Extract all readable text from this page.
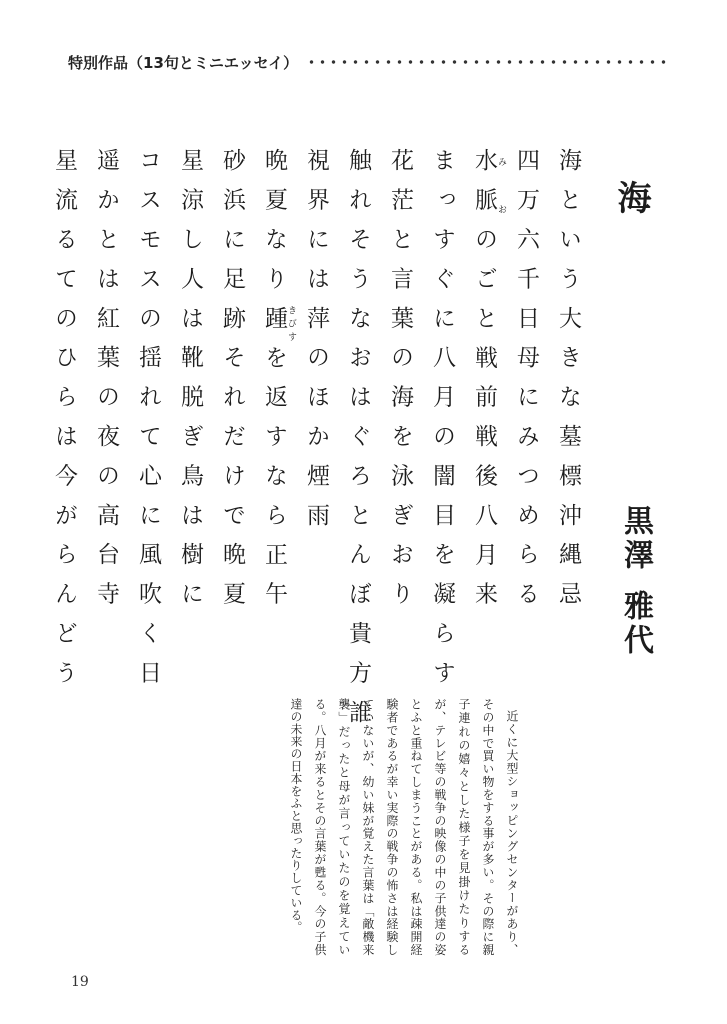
特別作品（13句とミニエッセイ）
海
黒澤
雅代
海という大きな墓標沖縄忌
四万六千日母にみつめらる
水脈 みおのごと戦前戦後八月来
まっすぐに八月の闇目を凝らす
花茫と言葉の海を泳ぎおり
触れそうなおはぐろとんぼ貴方誰
視界には萍のほか煙雨
晩夏なり踵 きびすを返すなら正午
砂浜に足跡それだけで晩夏
星涼し人は靴脱ぎ鳥は樹に
コスモスの揺れて心に風吹く日
遥かとは紅葉の夜の高台寺
星流るてのひらは今がらんどう
近くに大型ショッピングセンターがあり、その中で買い物をする事が多い。その際に親子連れの嬉々とした様子を見掛けたりするが、テレビ等の戦争の映像の中の子供達の姿とふと重ねてしまうことがある。私は疎開経験者であるが幸い実際の戦争の怖さは経験していないが、幼い妹が覚えた言葉は「敵機来襲」だったと母が言っていたのを覚えている。八月が来るとその言葉が甦る。今の子供達の未来の日本をふと思ったりしている。
19
